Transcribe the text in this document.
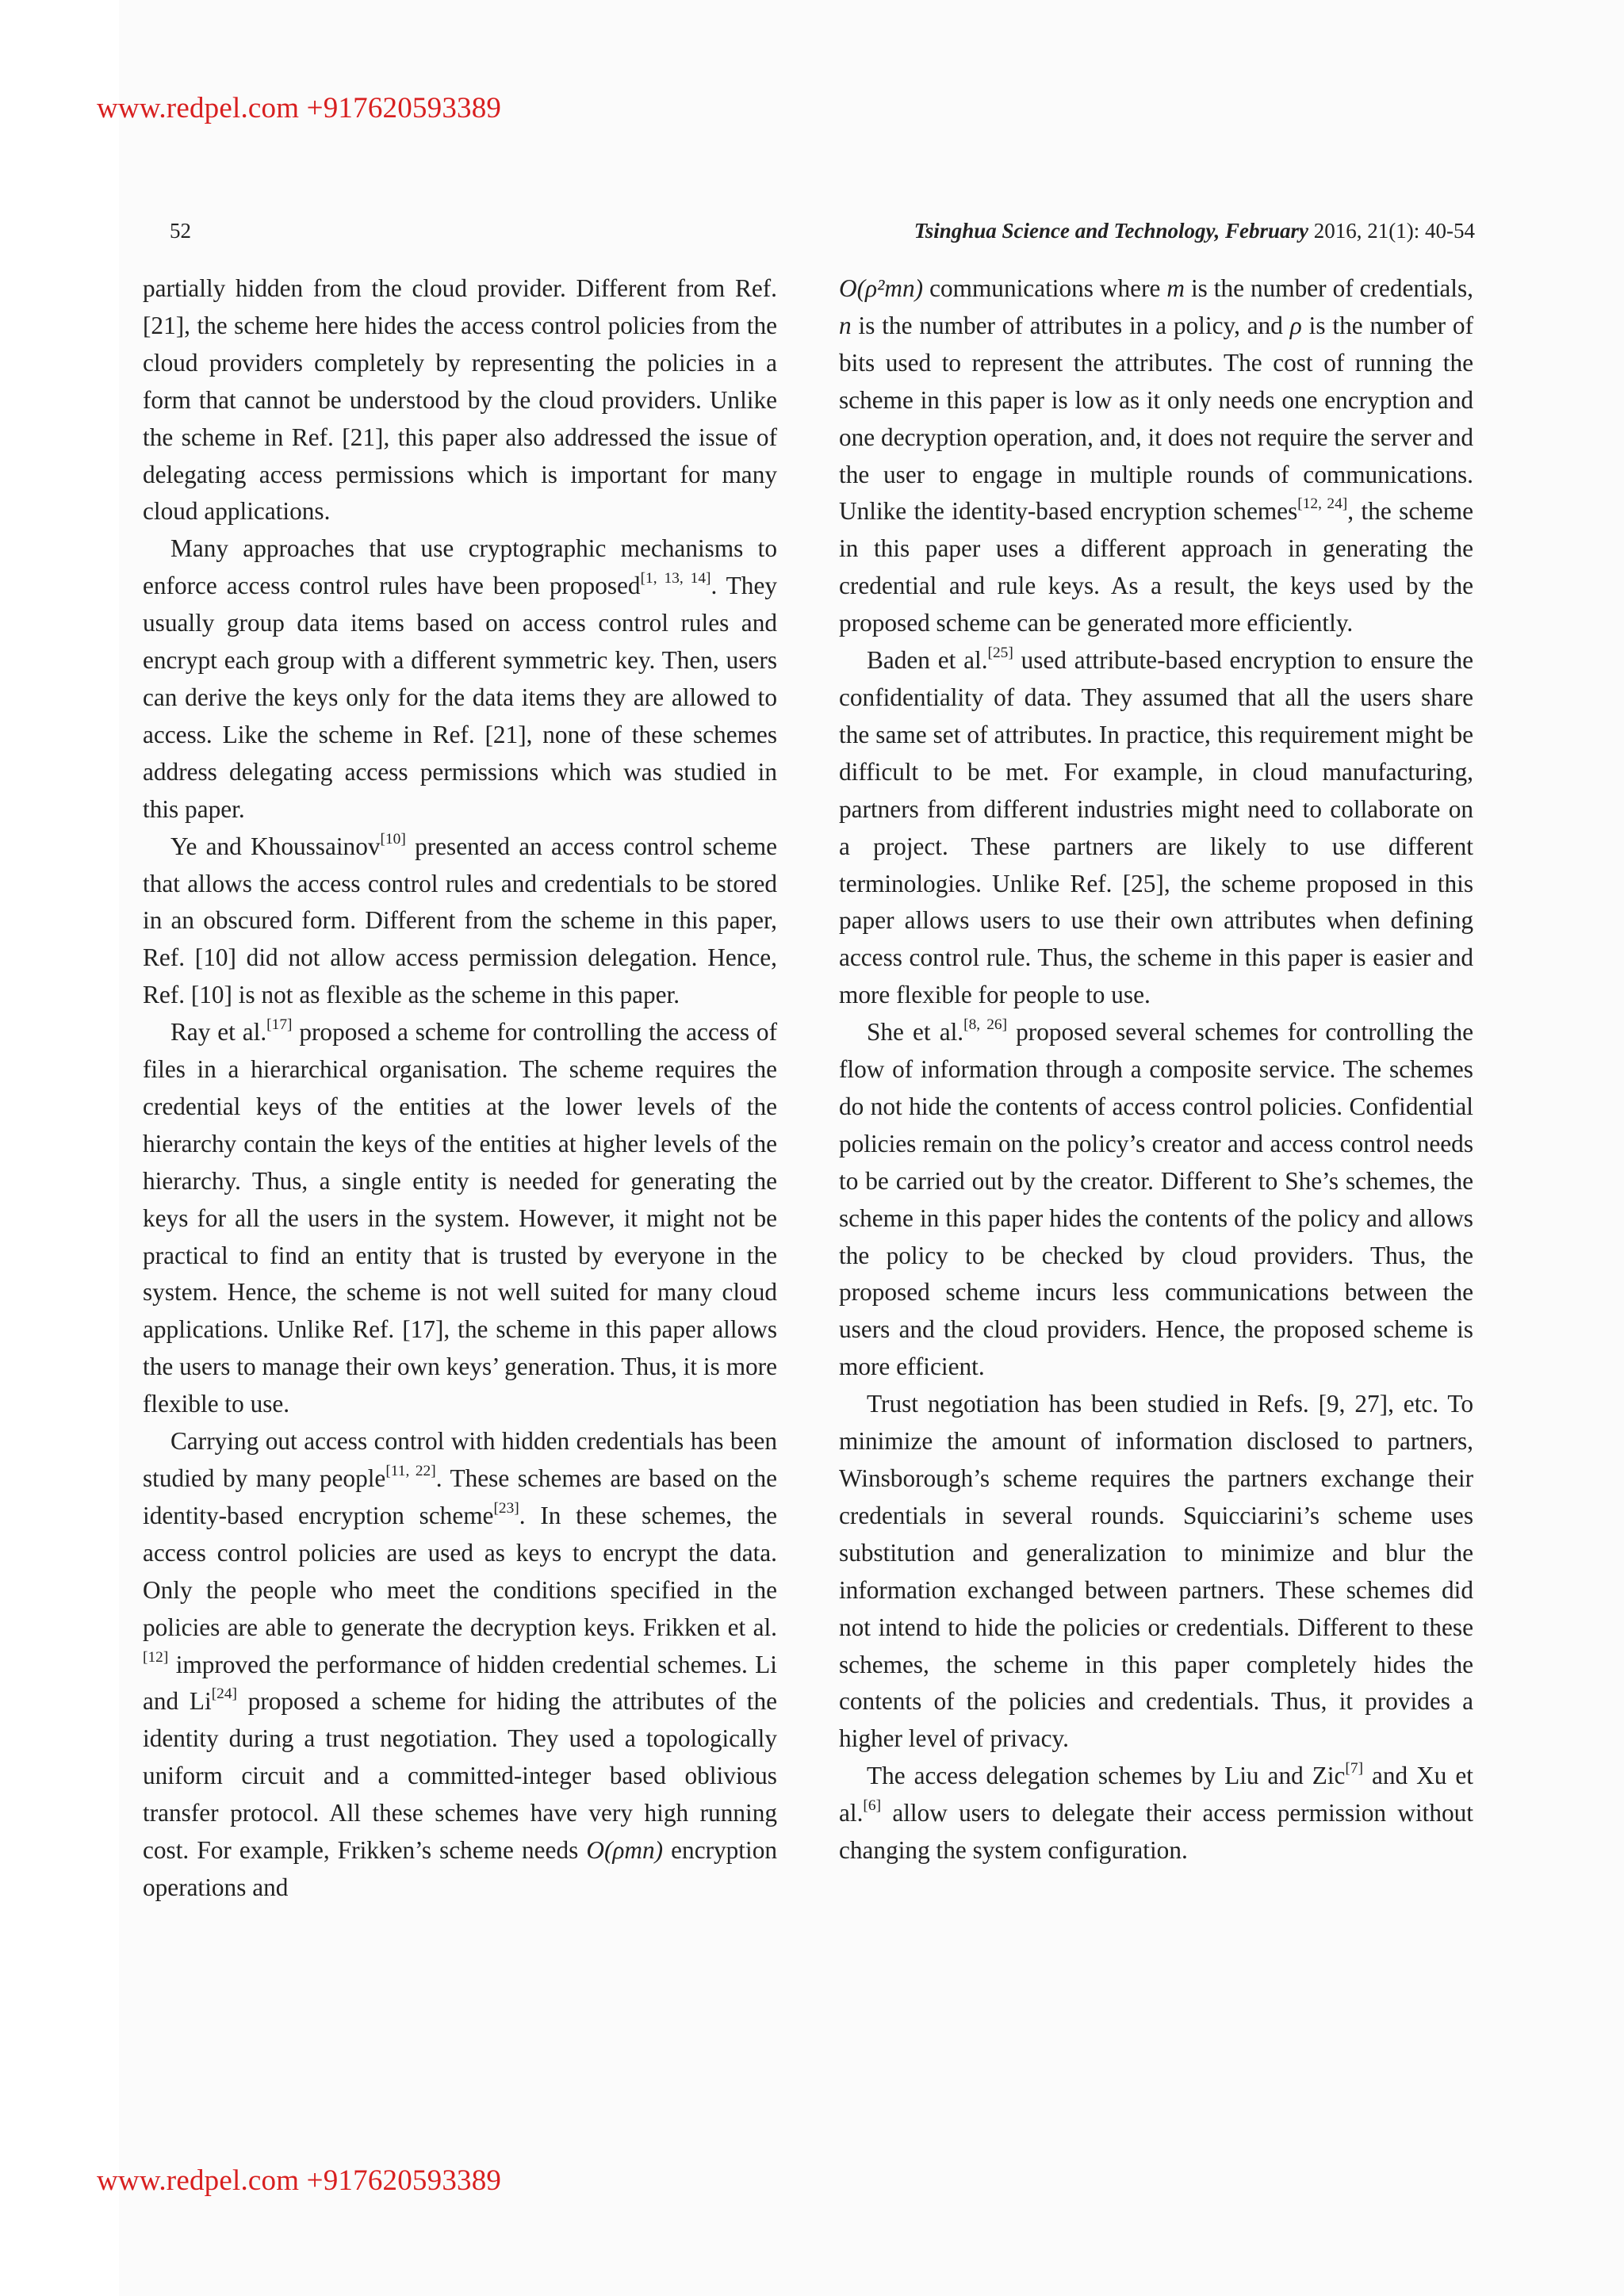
www.redpel.com +917620593389
52	Tsinghua Science and Technology, February 2016, 21(1): 40-54

partially hidden from the cloud provider. Different from Ref. [21], the scheme here hides the access control policies from the cloud providers completely by representing the policies in a form that cannot be understood by the cloud providers. Unlike the scheme in Ref. [21], this paper also addressed the issue of delegating access permissions which is important for many cloud applications.

Many approaches that use cryptographic mechanisms to enforce access control rules have been proposed[1, 13, 14]. They usually group data items based on access control rules and encrypt each group with a different symmetric key. Then, users can derive the keys only for the data items they are allowed to access. Like the scheme in Ref. [21], none of these schemes address delegating access permissions which was studied in this paper.

Ye and Khoussainov[10] presented an access control scheme that allows the access control rules and credentials to be stored in an obscured form. Different from the scheme in this paper, Ref. [10] did not allow access permission delegation. Hence, Ref. [10] is not as flexible as the scheme in this paper.

Ray et al.[17] proposed a scheme for controlling the access of files in a hierarchical organisation. The scheme requires the credential keys of the entities at the lower levels of the hierarchy contain the keys of the entities at higher levels of the hierarchy. Thus, a single entity is needed for generating the keys for all the users in the system. However, it might not be practical to find an entity that is trusted by everyone in the system. Hence, the scheme is not well suited for many cloud applications. Unlike Ref. [17], the scheme in this paper allows the users to manage their own keys’ generation. Thus, it is more flexible to use.

Carrying out access control with hidden credentials has been studied by many people[11, 22]. These schemes are based on the identity-based encryption scheme[23]. In these schemes, the access control policies are used as keys to encrypt the data. Only the people who meet the conditions specified in the policies are able to generate the decryption keys. Frikken et al.[12] improved the performance of hidden credential schemes. Li and Li[24] proposed a scheme for hiding the attributes of the identity during a trust negotiation. They used a topologically uniform circuit and a committed-integer based oblivious transfer protocol. All these schemes have very high running cost. For example, Frikken’s scheme needs O(ρmn) encryption operations and

O(ρ²mn) communications where m is the number of credentials, n is the number of attributes in a policy, and ρ is the number of bits used to represent the attributes. The cost of running the scheme in this paper is low as it only needs one encryption and one decryption operation, and, it does not require the server and the user to engage in multiple rounds of communications. Unlike the identity-based encryption schemes[12, 24], the scheme in this paper uses a different approach in generating the credential and rule keys. As a result, the keys used by the proposed scheme can be generated more efficiently.

Baden et al.[25] used attribute-based encryption to ensure the confidentiality of data. They assumed that all the users share the same set of attributes. In practice, this requirement might be difficult to be met. For example, in cloud manufacturing, partners from different industries might need to collaborate on a project. These partners are likely to use different terminologies. Unlike Ref. [25], the scheme proposed in this paper allows users to use their own attributes when defining access control rule. Thus, the scheme in this paper is easier and more flexible for people to use.

She et al.[8, 26] proposed several schemes for controlling the flow of information through a composite service. The schemes do not hide the contents of access control policies. Confidential policies remain on the policy’s creator and access control needs to be carried out by the creator. Different to She’s schemes, the scheme in this paper hides the contents of the policy and allows the policy to be checked by cloud providers. Thus, the proposed scheme incurs less communications between the users and the cloud providers. Hence, the proposed scheme is more efficient.

Trust negotiation has been studied in Refs. [9, 27], etc. To minimize the amount of information disclosed to partners, Winsborough’s scheme requires the partners exchange their credentials in several rounds. Squicciarini’s scheme uses substitution and generalization to minimize and blur the information exchanged between partners. These schemes did not intend to hide the policies or credentials. Different to these schemes, the scheme in this paper completely hides the contents of the policies and credentials. Thus, it provides a higher level of privacy.

The access delegation schemes by Liu and Zic[7] and Xu et al.[6] allow users to delegate their access permission without changing the system configuration.

www.redpel.com +917620593389
